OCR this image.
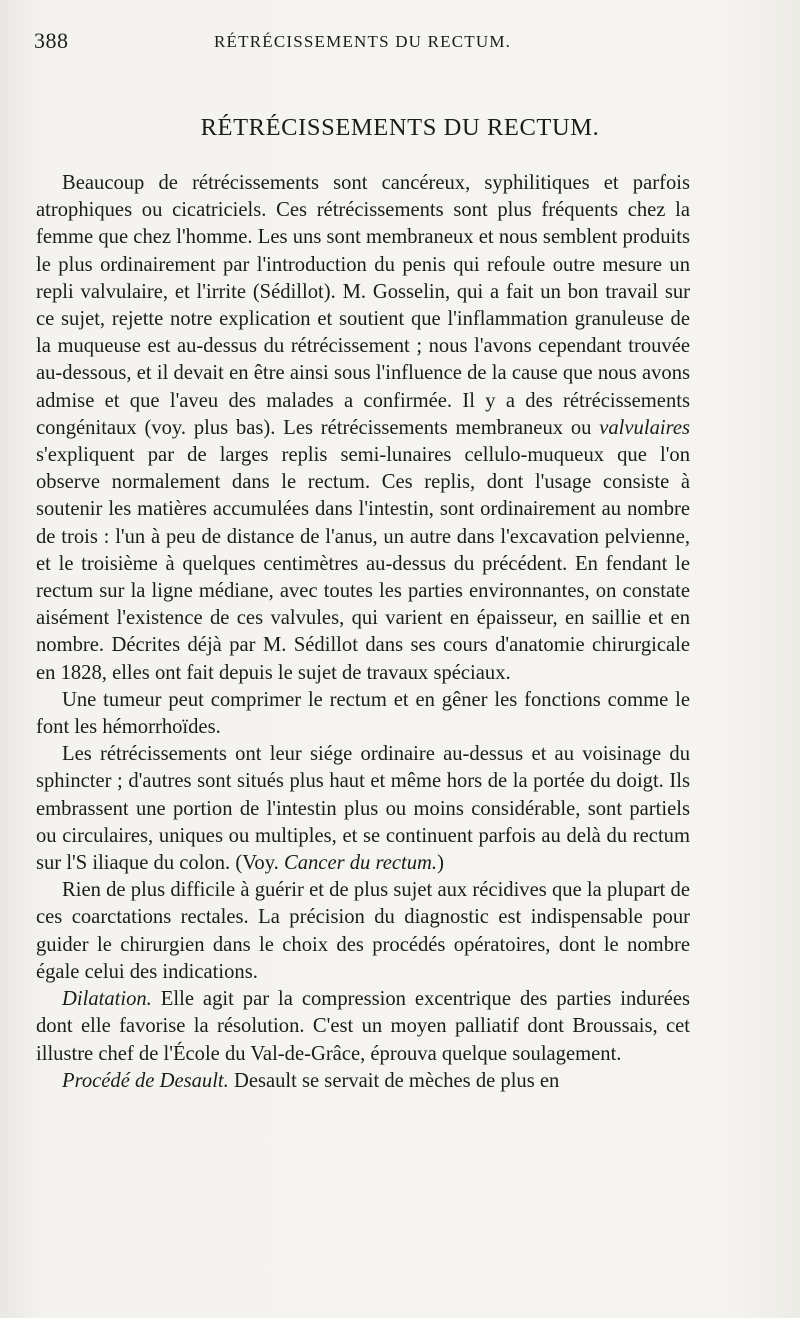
388	RÉTRÉCISSEMENTS DU RECTUM.
RÉTRÉCISSEMENTS DU RECTUM.

Beaucoup de rétrécissements sont cancéreux, syphilitiques et parfois atrophiques ou cicatriciels. Ces rétrécissements sont plus fréquents chez la femme que chez l'homme. Les uns sont membraneux et nous semblent produits le plus ordinairement par l'introduction du penis qui refoule outre mesure un repli valvulaire, et l'irrite (Sédillot). M. Gosselin, qui a fait un bon travail sur ce sujet, rejette notre explication et soutient que l'inflammation granuleuse de la muqueuse est au-dessus du rétrécissement ; nous l'avons cependant trouvée au-dessous, et il devait en être ainsi sous l'influence de la cause que nous avons admise et que l'aveu des malades a confirmée. Il y a des rétrécissements congénitaux (voy. plus bas). Les rétrécissements membraneux ou valvulaires s'expliquent par de larges replis semi-lunaires cellulo-muqueux que l'on observe normalement dans le rectum. Ces replis, dont l'usage consiste à soutenir les matières accumulées dans l'intestin, sont ordinairement au nombre de trois : l'un à peu de distance de l'anus, un autre dans l'excavation pelvienne, et le troisième à quelques centimètres au-dessus du précédent. En fendant le rectum sur la ligne médiane, avec toutes les parties environnantes, on constate aisément l'existence de ces valvules, qui varient en épaisseur, en saillie et en nombre. Décrites déjà par M. Sédillot dans ses cours d'anatomie chirurgicale en 1828, elles ont fait depuis le sujet de travaux spéciaux.

Une tumeur peut comprimer le rectum et en gêner les fonctions comme le font les hémorrhoïdes.

Les rétrécissements ont leur siége ordinaire au-dessus et au voisinage du sphincter ; d'autres sont situés plus haut et même hors de la portée du doigt. Ils embrassent une portion de l'intestin plus ou moins considérable, sont partiels ou circulaires, uniques ou multiples, et se continuent parfois au delà du rectum sur l'S iliaque du colon. (Voy. Cancer du rectum.)

Rien de plus difficile à guérir et de plus sujet aux récidives que la plupart de ces coarctations rectales. La précision du diagnostic est indispensable pour guider le chirurgien dans le choix des procédés opératoires, dont le nombre égale celui des indications.

Dilatation. Elle agit par la compression excentrique des parties indurées dont elle favorise la résolution. C'est un moyen palliatif dont Broussais, cet illustre chef de l'École du Val-de-Grâce, éprouva quelque soulagement.

Procédé de Desault. Desault se servait de mèches de plus en
